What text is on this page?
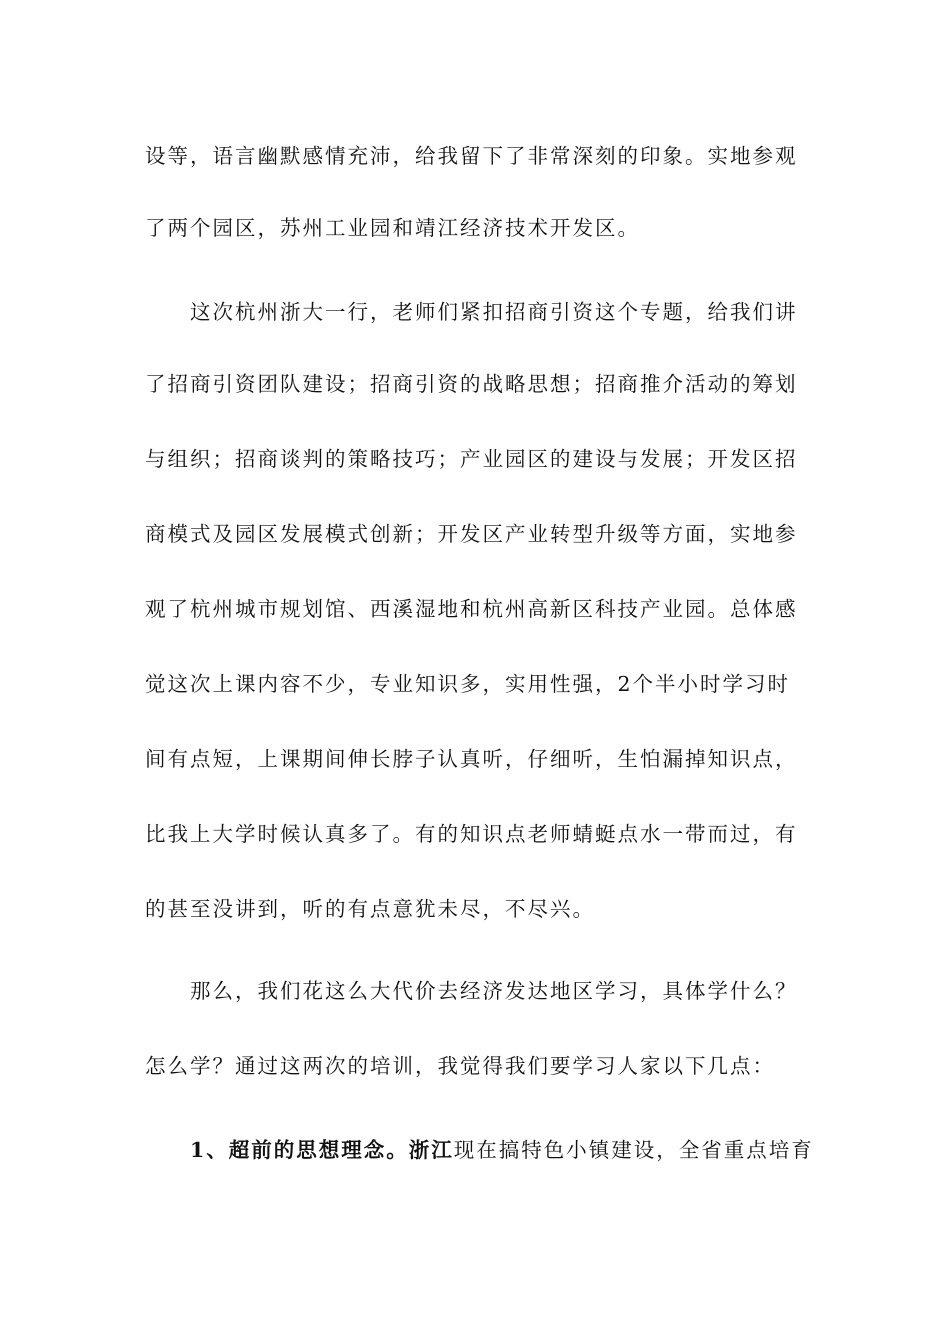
设等，语言幽默感情充沛，给我留下了非常深刻的印象。实地参观
了两个园区，苏州工业园和靖江经济技术开发区。
这次杭州浙大一行，老师们紧扣招商引资这个专题，给我们讲
了招商引资团队建设；招商引资的战略思想；招商推介活动的筹划
与组织；招商谈判的策略技巧；产业园区的建设与发展；开发区招
商模式及园区发展模式创新；开发区产业转型升级等方面，实地参
观了杭州城市规划馆、西溪湿地和杭州高新区科技产业园。总体感
觉这次上课内容不少，专业知识多，实用性强，2个半小时学习时
间有点短，上课期间伸长脖子认真听，仔细听，生怕漏掉知识点，
比我上大学时候认真多了。有的知识点老师蜻蜓点水一带而过，有
的甚至没讲到，听的有点意犹未尽，不尽兴。
那么，我们花这么大代价去经济发达地区学习，具体学什么？
怎么学？通过这两次的培训，我觉得我们要学习人家以下几点：
1、超前的思想理念。浙江现在搞特色小镇建设，全省重点培育
